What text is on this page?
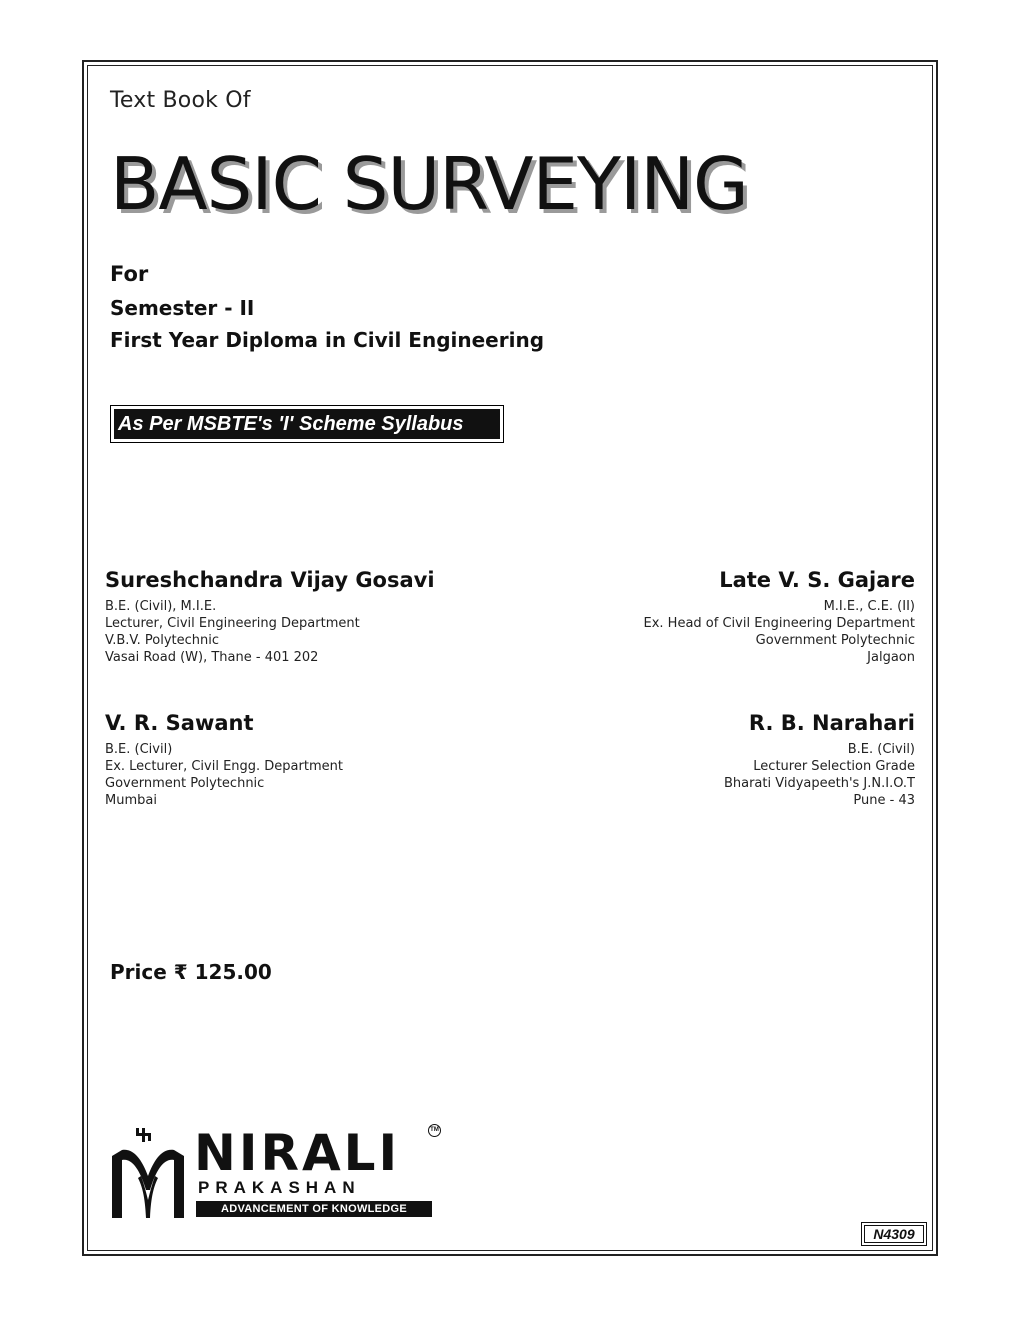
Text Book Of
BASIC SURVEYING
For
Semester - II
First Year Diploma in Civil Engineering
As Per MSBTE's 'I' Scheme Syllabus
Sureshchandra Vijay Gosavi
B.E. (Civil), M.I.E.
Lecturer, Civil Engineering Department
V.B.V. Polytechnic
Vasai Road (W), Thane - 401 202
Late V. S. Gajare
M.I.E., C.E. (II)
Ex. Head of Civil Engineering Department
Government Polytechnic
Jalgaon
V. R. Sawant
B.E. (Civil)
Ex. Lecturer, Civil Engg. Department
Government Polytechnic
Mumbai
R. B. Narahari
B.E. (Civil)
Lecturer Selection Grade
Bharati Vidyapeeth's J.N.I.O.T
Pune - 43
Price ₹ 125.00
NIRALI	TM
PRAKASHAN
ADVANCEMENT OF KNOWLEDGE
N4309
